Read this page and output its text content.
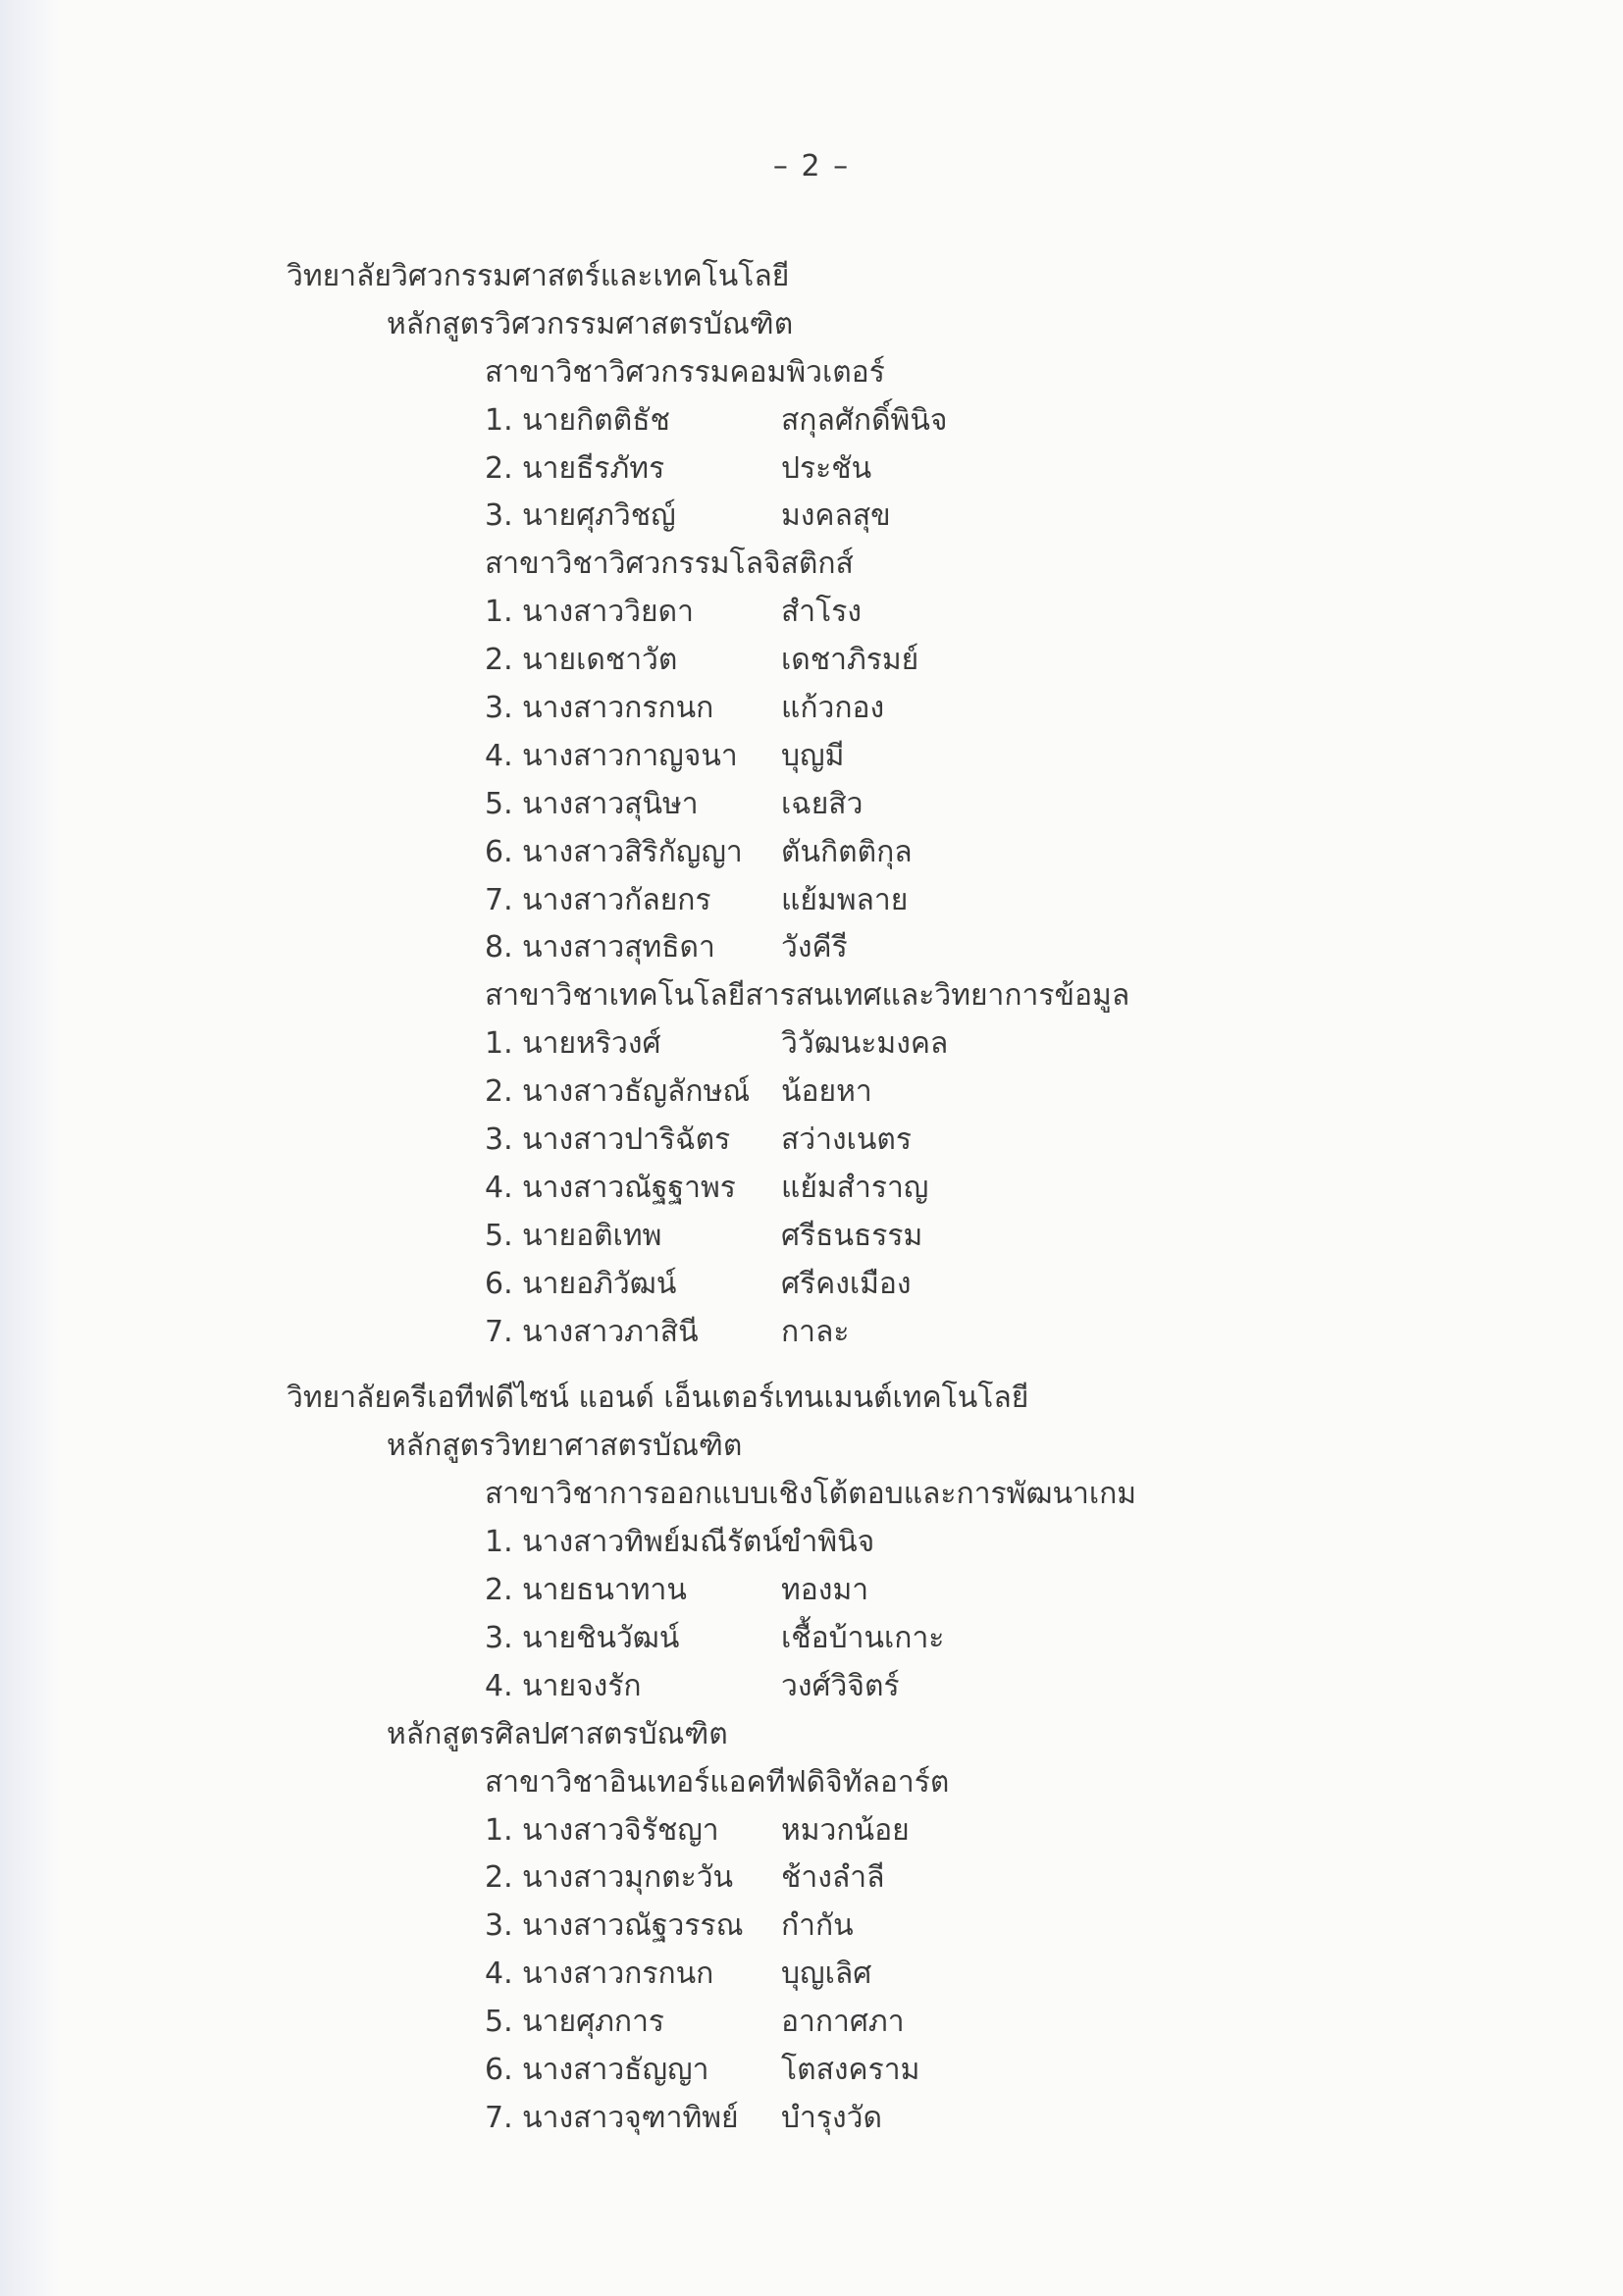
– 2 –
วิทยาลัยวิศวกรรมศาสตร์และเทคโนโลยี
หลักสูตรวิศวกรรมศาสตรบัณฑิต
สาขาวิชาวิศวกรรมคอมพิวเตอร์
1. นายกิตติธัช	สกุลศักดิ์พินิจ
2. นายธีรภัทร	ประชัน
3. นายศุภวิชญ์	มงคลสุข
สาขาวิชาวิศวกรรมโลจิสติกส์
1. นางสาววิยดา	สำโรง
2. นายเดชาวัต	เดชาภิรมย์
3. นางสาวกรกนก แก้วกอง
4. นางสาวกาญจนา บุญมี
5. นางสาวสุนิษา	เฉยสิว
6. นางสาวสิริกัญญา ตันกิตติกุล
7. นางสาวกัลยกร แย้มพลาย
8. นางสาวสุทธิดา วังคีรี
สาขาวิชาเทคโนโลยีสารสนเทศและวิทยาการข้อมูล
1. นายหริวงศ์	วิวัฒนะมงคล
2. นางสาวธัญลักษณ์ น้อยหา
3. นางสาวปาริฉัตร สว่างเนตร
4. นางสาวณัฐฐาพร แย้มสำราญ
5. นายอติเทพ	ศรีธนธรรม
6. นายอภิวัฒน์	ศรีคงเมือง
7. นางสาวภาสินี	กาละ
วิทยาลัยครีเอทีฟดีไซน์ แอนด์ เอ็นเตอร์เทนเมนต์เทคโนโลยี
หลักสูตรวิทยาศาสตรบัณฑิต
สาขาวิชาการออกแบบเชิงโต้ตอบและการพัฒนาเกม
1. นางสาวทิพย์มณีรัตน์ขำพินิจ
2. นายธนาทาน	ทองมา
3. นายชินวัฒน์	เชื้อบ้านเกาะ
4. นายจงรัก	วงศ์วิจิตร์
หลักสูตรศิลปศาสตรบัณฑิต
สาขาวิชาอินเทอร์แอคทีฟดิจิทัลอาร์ต
1. นางสาวจิรัชญา หมวกน้อย
2. นางสาวมุกตะวัน ช้างลำลี
3. นางสาวณัฐวรรณ กำกัน
4. นางสาวกรกนก บุญเลิศ
5. นายศุภการ	อากาศภา
6. นางสาวธัญญา โตสงคราม
7. นางสาวจุฑาทิพย์ บำรุงวัด
